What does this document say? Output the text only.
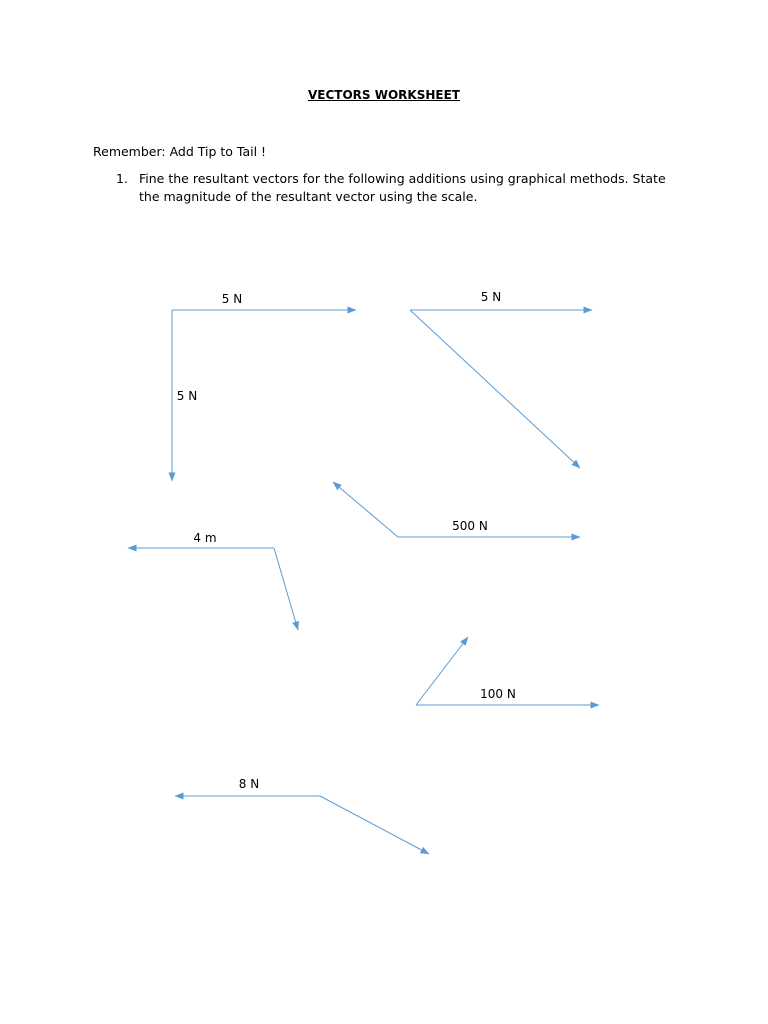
VECTORS WORKSHEET

Remember: Add Tip to Tail !

1. Fine the resultant vectors for the following additions using graphical methods. State the magnitude of the resultant vector using the scale.
5 N
5 N
5 N
500 N
4 m
100 N
8 N
